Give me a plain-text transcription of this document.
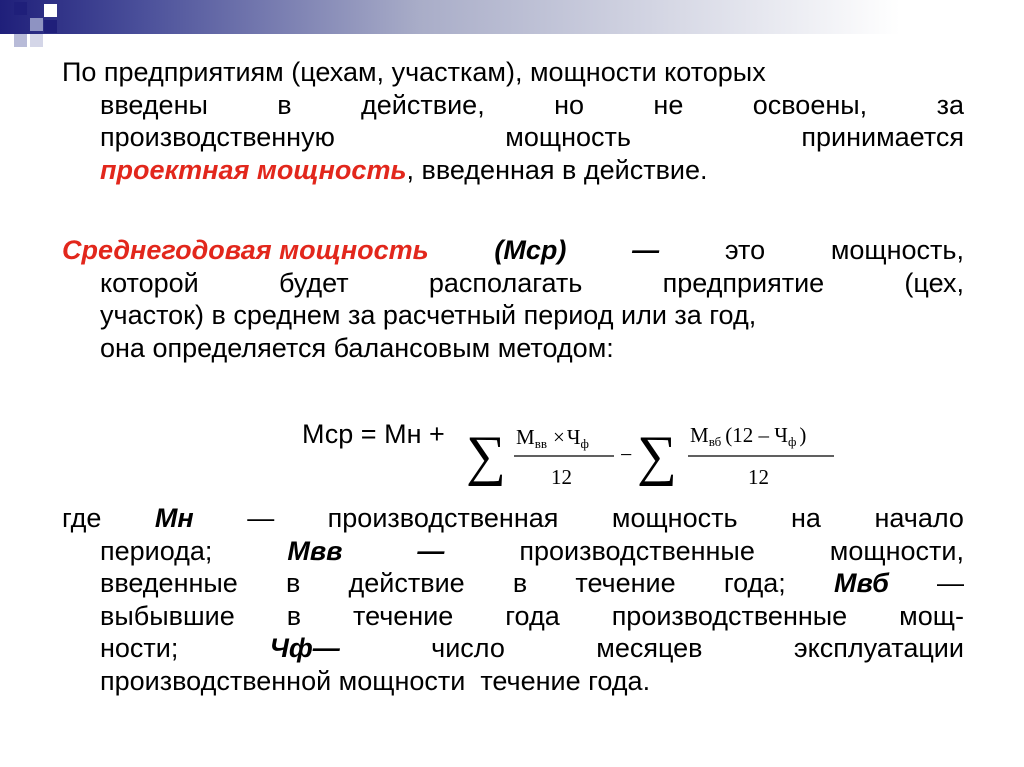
По предприятиям (цехам, участкам), мощности которых
введены	в	действие,	но	не	освоены,	за
производственную	мощность	принимается
проектная мощность, введенная в действие.
Среднегодовая мощность (Мср) — это мощность,
которой	будет	располагать	предприятие	(цех,
участок) в среднем за расчетный период или за год,
она определяется балансовым методом:
Мср = Мн + ∑ Мвв ×Чф
12
− ∑ Мвб (12 – Чф )
12
где Мн — производственная мощность на начало
периода;	Мвв	—	производственные	мощности,
введенные в действие в течение года; Мвб —
выбывшие в течение года производственные мощ-
ности;	Чф—	число	месяцев	эксплуатации
производственной мощности  течение года.
